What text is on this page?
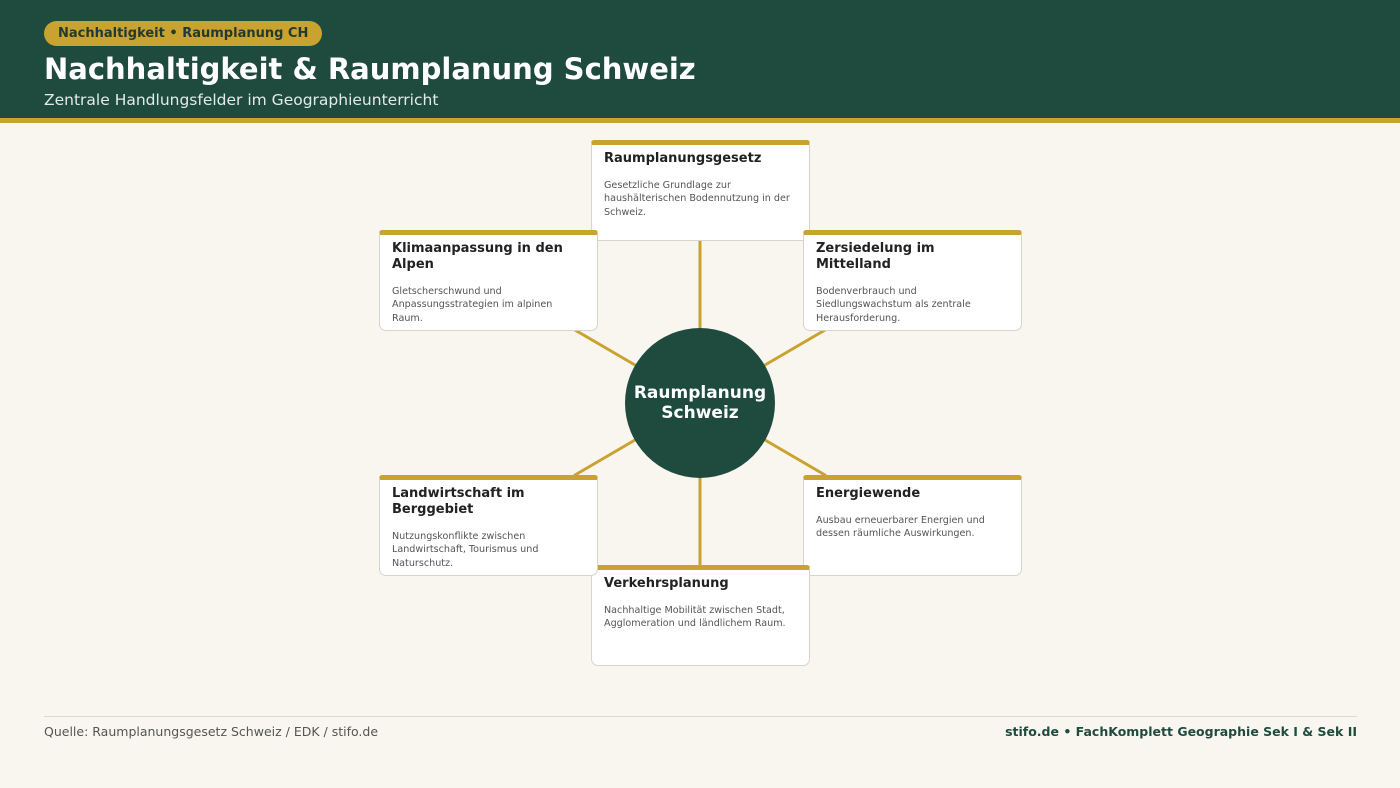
Nachhaltigkeit • Raumplanung CH
Nachhaltigkeit & Raumplanung Schweiz
Zentrale Handlungsfelder im Geographieunterricht
Raumplanung
Schweiz
Raumplanungsgesetz
Gesetzliche Grundlage zur haushälterischen Bodennutzung in der Schweiz.
Zersiedelung im Mittelland
Bodenverbrauch und Siedlungswachstum als zentrale Herausforderung.
Energiewende
Ausbau erneuerbarer Energien und dessen räumliche Auswirkungen.
Verkehrsplanung
Nachhaltige Mobilität zwischen Stadt, Agglomeration und ländlichem Raum.
Landwirtschaft im Berggebiet
Nutzungskonflikte zwischen Landwirtschaft, Tourismus und Naturschutz.
Klimaanpassung in den Alpen
Gletscherschwund und Anpassungsstrategien im alpinen Raum.
Quelle: Raumplanungsgesetz Schweiz / EDK / stifo.de	stifo.de • FachKomplett Geographie Sek I & Sek II
